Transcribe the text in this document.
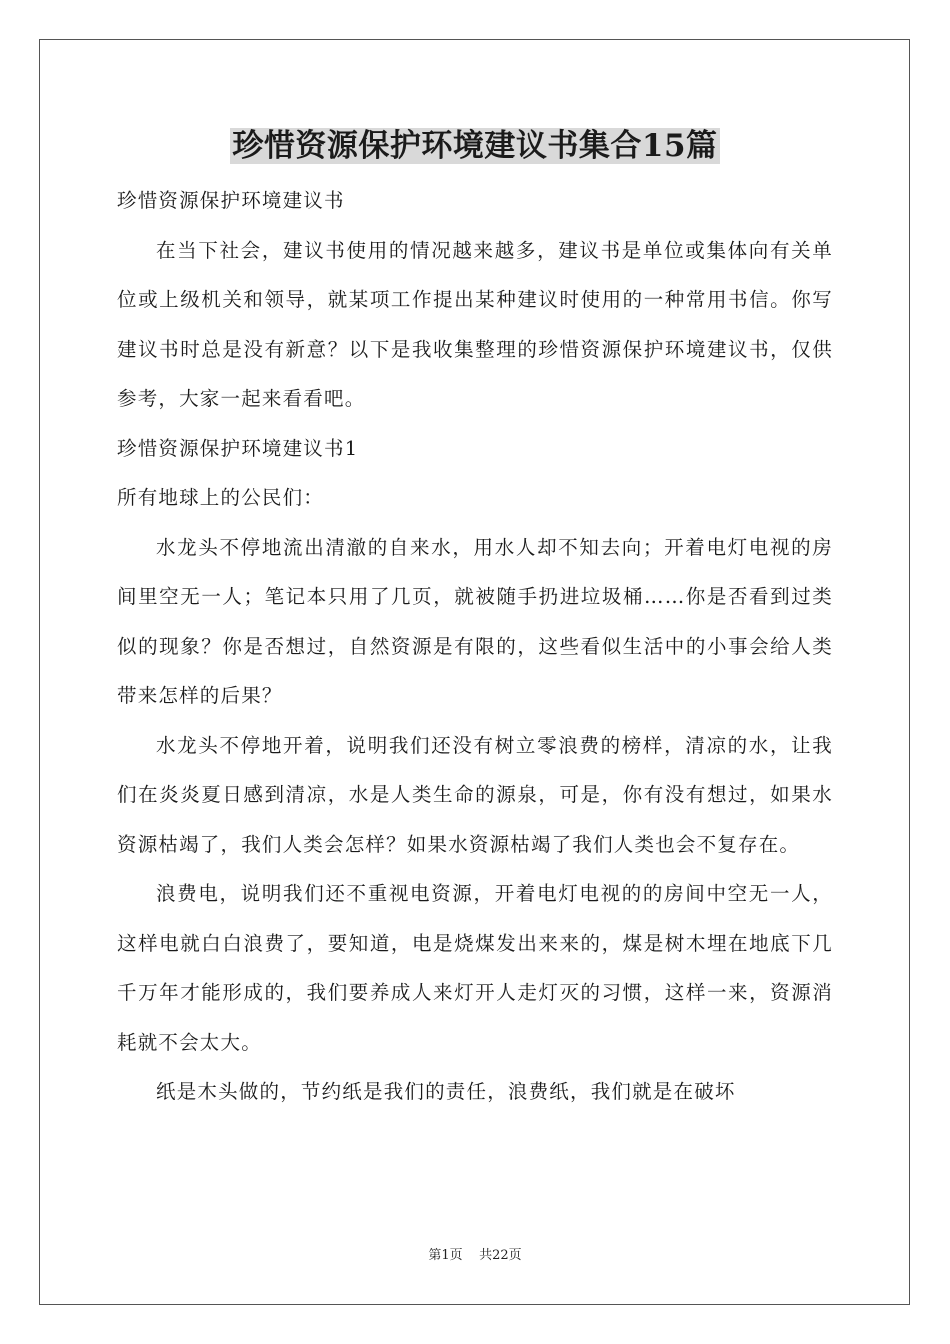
珍惜资源保护环境建议书集合15篇

珍惜资源保护环境建议书

在当下社会，建议书使用的情况越来越多，建议书是单位或集体向有关单位或上级机关和领导，就某项工作提出某种建议时使用的一种常用书信。你写建议书时总是没有新意？以下是我收集整理的珍惜资源保护环境建议书，仅供参考，大家一起来看看吧。

珍惜资源保护环境建议书1

所有地球上的公民们：

水龙头不停地流出清澈的自来水，用水人却不知去向；开着电灯电视的房间里空无一人；笔记本只用了几页，就被随手扔进垃圾桶……你是否看到过类似的现象？你是否想过，自然资源是有限的，这些看似生活中的小事会给人类带来怎样的后果？

水龙头不停地开着，说明我们还没有树立零浪费的榜样，清凉的水，让我们在炎炎夏日感到清凉，水是人类生命的源泉，可是，你有没有想过，如果水资源枯竭了，我们人类会怎样？如果水资源枯竭了我们人类也会不复存在。

浪费电，说明我们还不重视电资源，开着电灯电视的的房间中空无一人，这样电就白白浪费了，要知道，电是烧煤发出来来的，煤是树木埋在地底下几千万年才能形成的，我们要养成人来灯开人走灯灭的习惯，这样一来，资源消耗就不会太大。

纸是木头做的，节约纸是我们的责任，浪费纸，我们就是在破坏

第1页    共22页
